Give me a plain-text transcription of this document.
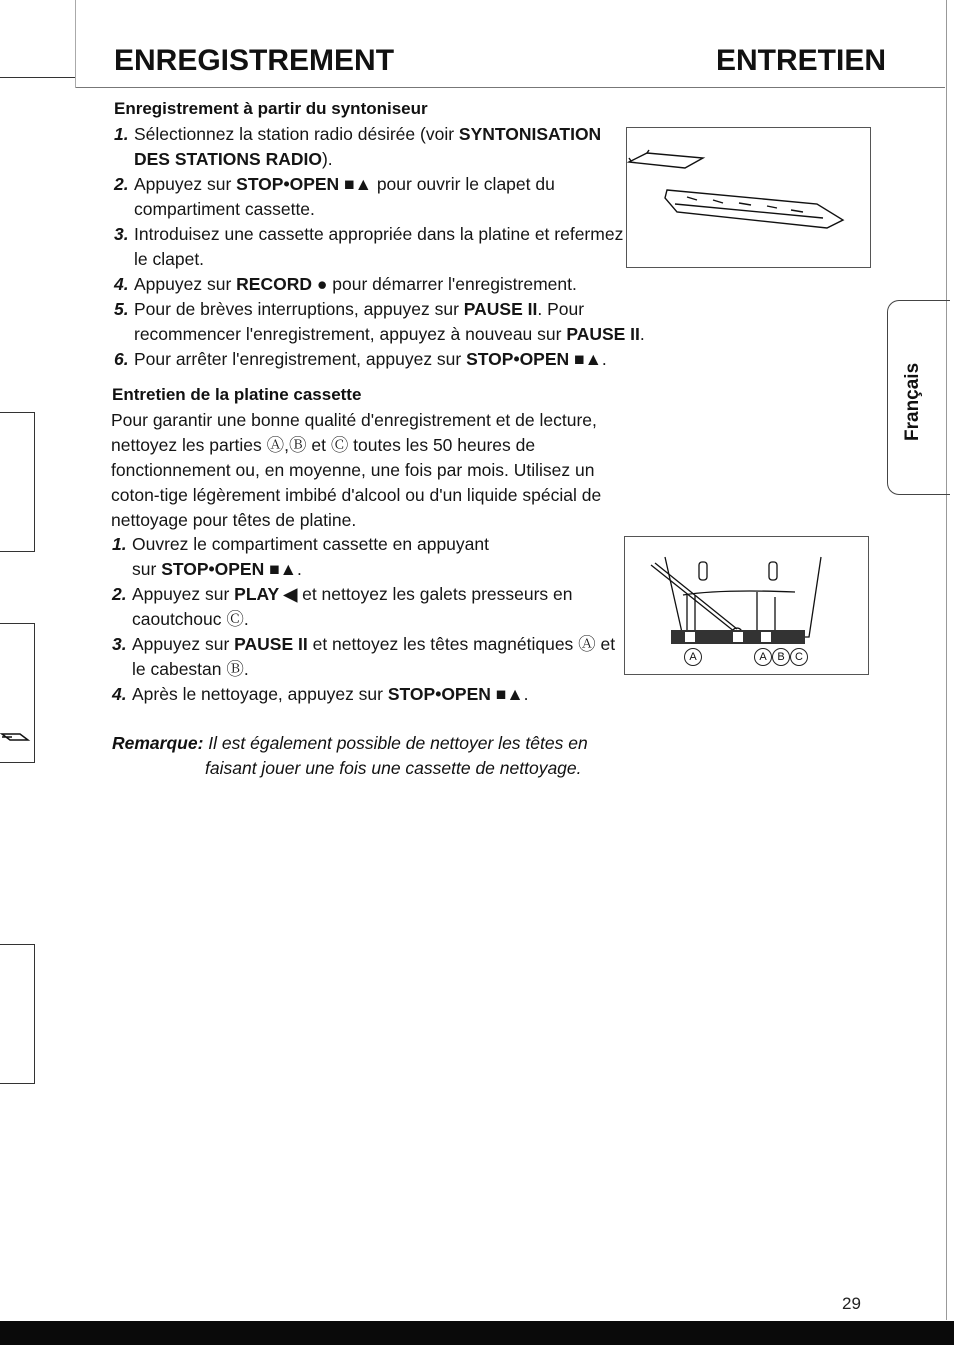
ENREGISTREMENT	ENTRETIEN
Enregistrement à partir du syntoniseur
1. Sélectionnez la station radio désirée (voir SYNTONISATION
DES STATIONS RADIO).
2. Appuyez sur STOP•OPEN ■▲ pour ouvrir le clapet du
compartiment cassette.
3. Introduisez une cassette appropriée dans la platine et refermez
le clapet.
4. Appuyez sur RECORD ● pour démarrer l'enregistrement.
5. Pour de brèves interruptions, appuyez sur PAUSE II. Pour
recommencer l'enregistrement, appuyez à nouveau sur PAUSE II.
6. Pour arrêter l'enregistrement, appuyez sur STOP•OPEN ■▲.
Français
Entretien de la platine cassette
Pour garantir une bonne qualité d'enregistrement et de lecture,
nettoyez les parties Ⓐ,Ⓑ et Ⓒ toutes les 50 heures de
fonctionnement ou, en moyenne, une fois par mois. Utilisez un
coton-tige légèrement imbibé d'alcool ou d'un liquide spécial de
nettoyage pour têtes de platine.
1. Ouvrez le compartiment cassette en appuyant
sur STOP•OPEN ■▲.
2. Appuyez sur PLAY ◀ et nettoyez les galets presseurs en
caoutchouc Ⓒ.
3. Appuyez sur PAUSE II et nettoyez les têtes magnétiques Ⓐ et
le cabestan Ⓑ.
4. Après le nettoyage, appuyez sur STOP•OPEN ■▲.
A	A B C
Remarque: Il est également possible de nettoyer les têtes en
faisant jouer une fois une cassette de nettoyage.
29
